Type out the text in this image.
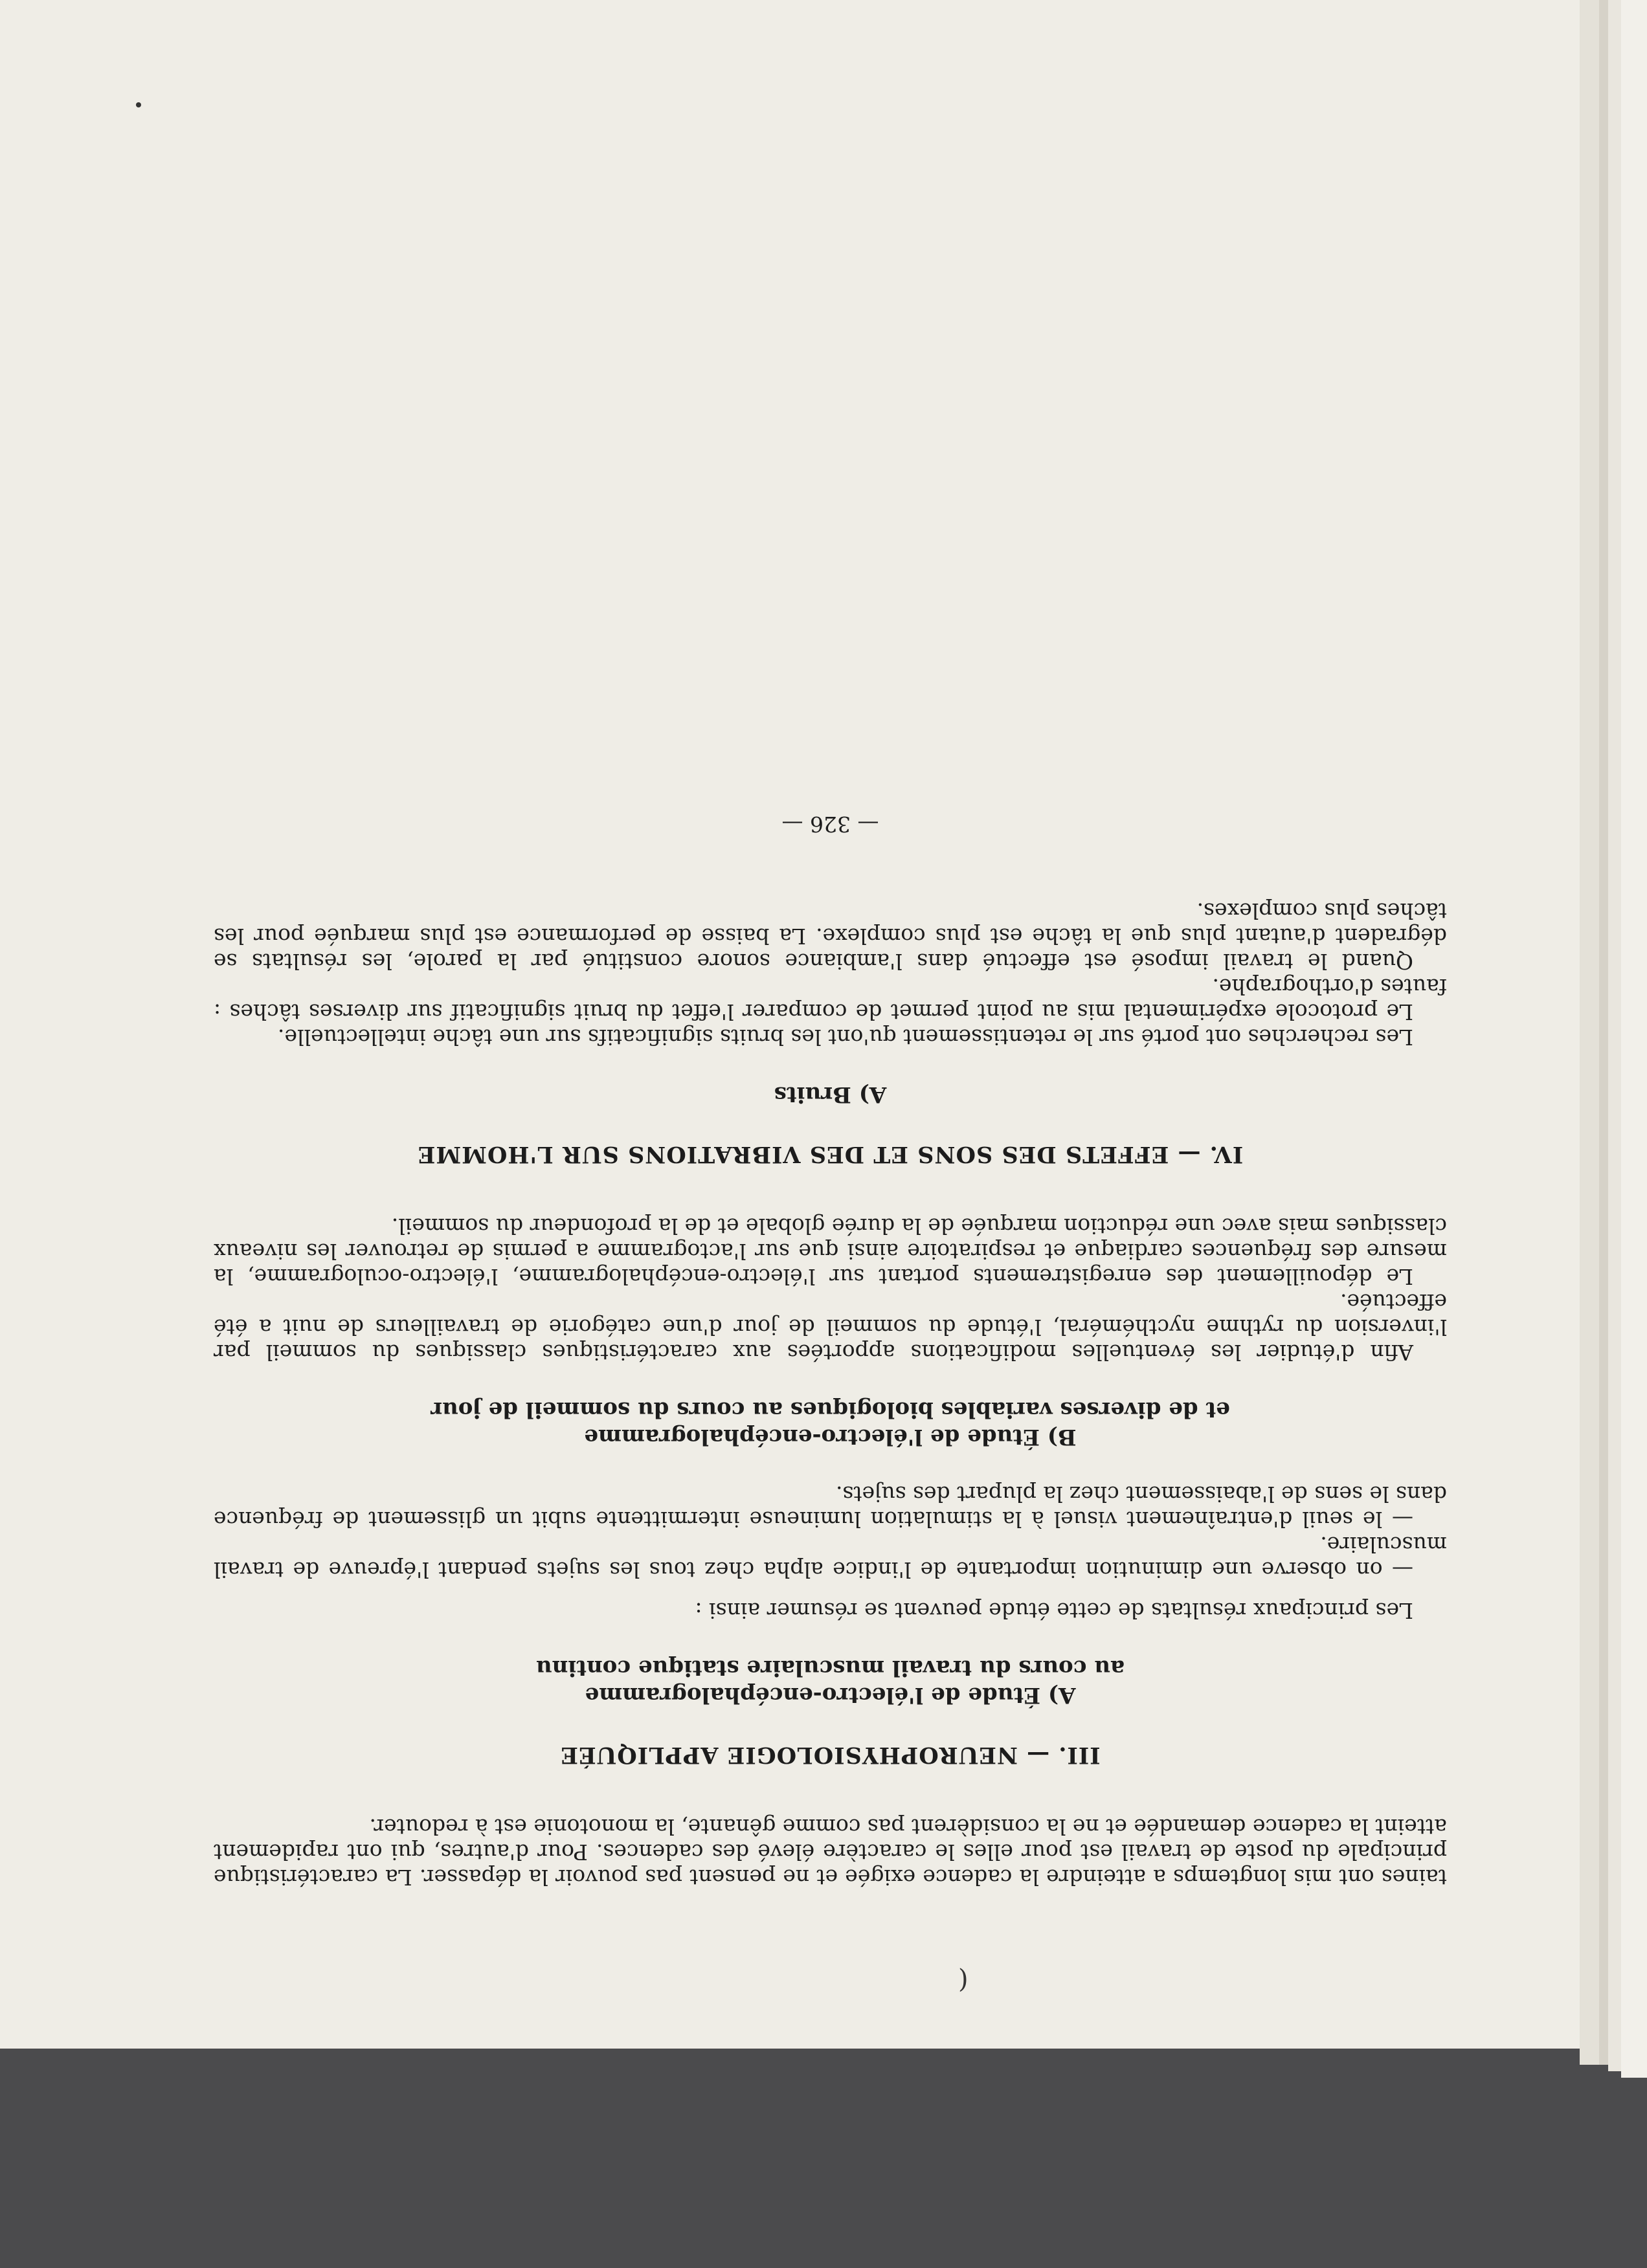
taines ont mis longtemps a atteindre la cadence exigée et ne pensent pas pouvoir la dépasser. La caractéristique principale du poste de travail est pour elles le caractère élevé des cadences. Pour d'autres, qui ont rapidement atteint la cadence demandée et ne la considèrent pas comme gênante, la monotonie est à redouter.

III. — NEUROPHYSIOLOGIE APPLIQUÉE
A) Étude de l'électro-encéphalogramme
au cours du travail musculaire statique continu

Les principaux résultats de cette étude peuvent se résumer ainsi :

— on observe une diminution importante de l'indice alpha chez tous les sujets pendant l'épreuve de travail musculaire.

— le seuil d'entraînement visuel à la stimulation lumineuse intermittente subit un glissement de fréquence dans le sens de l'abaissement chez la plupart des sujets.

B) Étude de l'électro-encéphalogramme
et de diverses variables biologiques au cours du sommeil de jour

Afin d'étudier les éventuelles modifications apportées aux caractéristiques classiques du sommeil par l'inversion du rythme nycthéméral, l'étude du sommeil de jour d'une catégorie de travailleurs de nuit a été effectuée.

Le dépouillement des enregistrements portant sur l'électro-encéphalogramme, l'électro-oculogramme, la mesure des fréquences cardiaque et respiratoire ainsi que sur l'actogramme a permis de retrouver les niveaux classiques mais avec une réduction marquée de la durée globale et de la profondeur du sommeil.

IV. — EFFETS DES SONS ET DES VIBRATIONS SUR L'HOMME
A) Bruits

Les recherches ont porté sur le retentissement qu'ont les bruits significatifs sur une tâche intellectuelle.

Le protocole expérimental mis au point permet de comparer l'effet du bruit significatif sur diverses tâches : fautes d'orthographe.

Quand le travail imposé est effectué dans l'ambiance sonore constitué par la parole, les résultats se dégradent d'autant plus que la tâche est plus complexe. La baisse de performance est plus marquée pour les tâches plus complexes.

— 326 —
)
